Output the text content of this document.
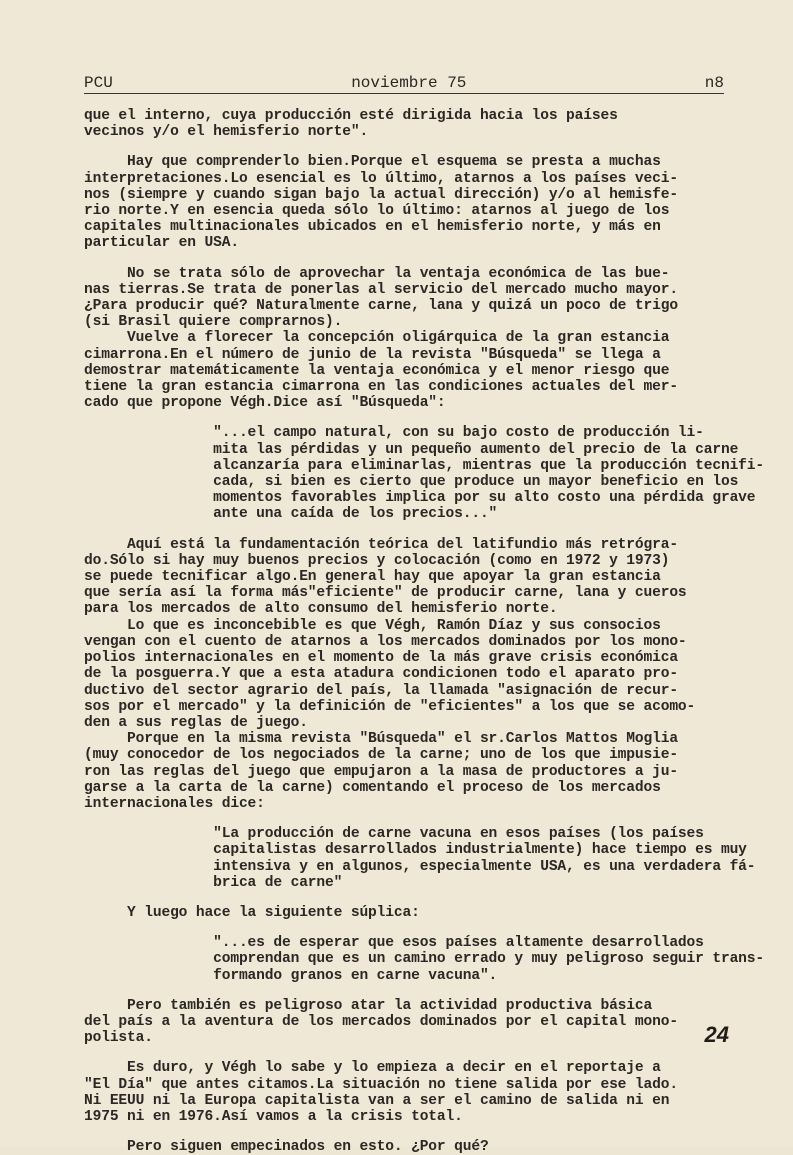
PCU	noviembre 75	n8
que el interno, cuya producción esté dirigida hacia los países
vecinos y/o el hemisferio norte".
Hay que comprenderlo bien.Porque el esquema se presta a muchas
interpretaciones.Lo esencial es lo último, atarnos a los países veci-
nos (siempre y cuando sigan bajo la actual dirección) y/o al hemisfe-
rio norte.Y en esencia queda sólo lo último: atarnos al juego de los
capitales multinacionales ubicados en el hemisferio norte, y más en
particular en USA.
No se trata sólo de aprovechar la ventaja económica de las bue-
nas tierras.Se trata de ponerlas al servicio del mercado mucho mayor.
¿Para producir qué? Naturalmente carne, lana y quizá un poco de trigo
(si Brasil quiere comprarnos).
Vuelve a florecer la concepción oligárquica de la gran estancia
cimarrona.En el número de junio de la revista "Búsqueda" se llega a
demostrar matemáticamente la ventaja económica y el menor riesgo que
tiene la gran estancia cimarrona en las condiciones actuales del mer-
cado que propone Végh.Dice así "Búsqueda":
"...el campo natural, con su bajo costo de producción li-
mita las pérdidas y un pequeño aumento del precio de la carne
alcanzaría para eliminarlas, mientras que la producción tecnifi-
cada, si bien es cierto que produce un mayor beneficio en los
momentos favorables implica por su alto costo una pérdida grave
ante una caída de los precios..."
Aquí está la fundamentación teórica del latifundio más retrógra-
do.Sólo si hay muy buenos precios y colocación (como en 1972 y 1973)
se puede tecnificar algo.En general hay que apoyar la gran estancia
que sería así la forma más"eficiente" de producir carne, lana y cueros
para los mercados de alto consumo del hemisferio norte.
Lo que es inconcebible es que Végh, Ramón Díaz y sus consocios
vengan con el cuento de atarnos a los mercados dominados por los mono-
polios internacionales en el momento de la más grave crisis económica
de la posguerra.Y que a esta atadura condicionen todo el aparato pro-
ductivo del sector agrario del país, la llamada "asignación de recur-
sos por el mercado" y la definición de "eficientes" a los que se acomo-
den a sus reglas de juego.
Porque en la misma revista "Búsqueda" el sr.Carlos Mattos Moglia
(muy conocedor de los negociados de la carne; uno de los que impusie-
ron las reglas del juego que empujaron a la masa de productores a ju-
garse a la carta de la carne) comentando el proceso de los mercados
internacionales dice:
"La producción de carne vacuna en esos países (los países
capitalistas desarrollados industrialmente) hace tiempo es muy
intensiva y en algunos, especialmente USA, es una verdadera fá-
brica de carne"
Y luego hace la siguiente súplica:
"...es de esperar que esos países altamente desarrollados
comprendan que es un camino errado y muy peligroso seguir trans-
formando granos en carne vacuna".
Pero también es peligroso atar la actividad productiva básica
del país a la aventura de los mercados dominados por el capital mono-
polista.
Es duro, y Végh lo sabe y lo empieza a decir en el reportaje a
"El Día" que antes citamos.La situación no tiene salida por ese lado.
Ni EEUU ni la Europa capitalista van a ser el camino de salida ni en
1975 ni en 1976.Así vamos a la crisis total.
Pero siguen empecinados en esto. ¿Por qué?
24
